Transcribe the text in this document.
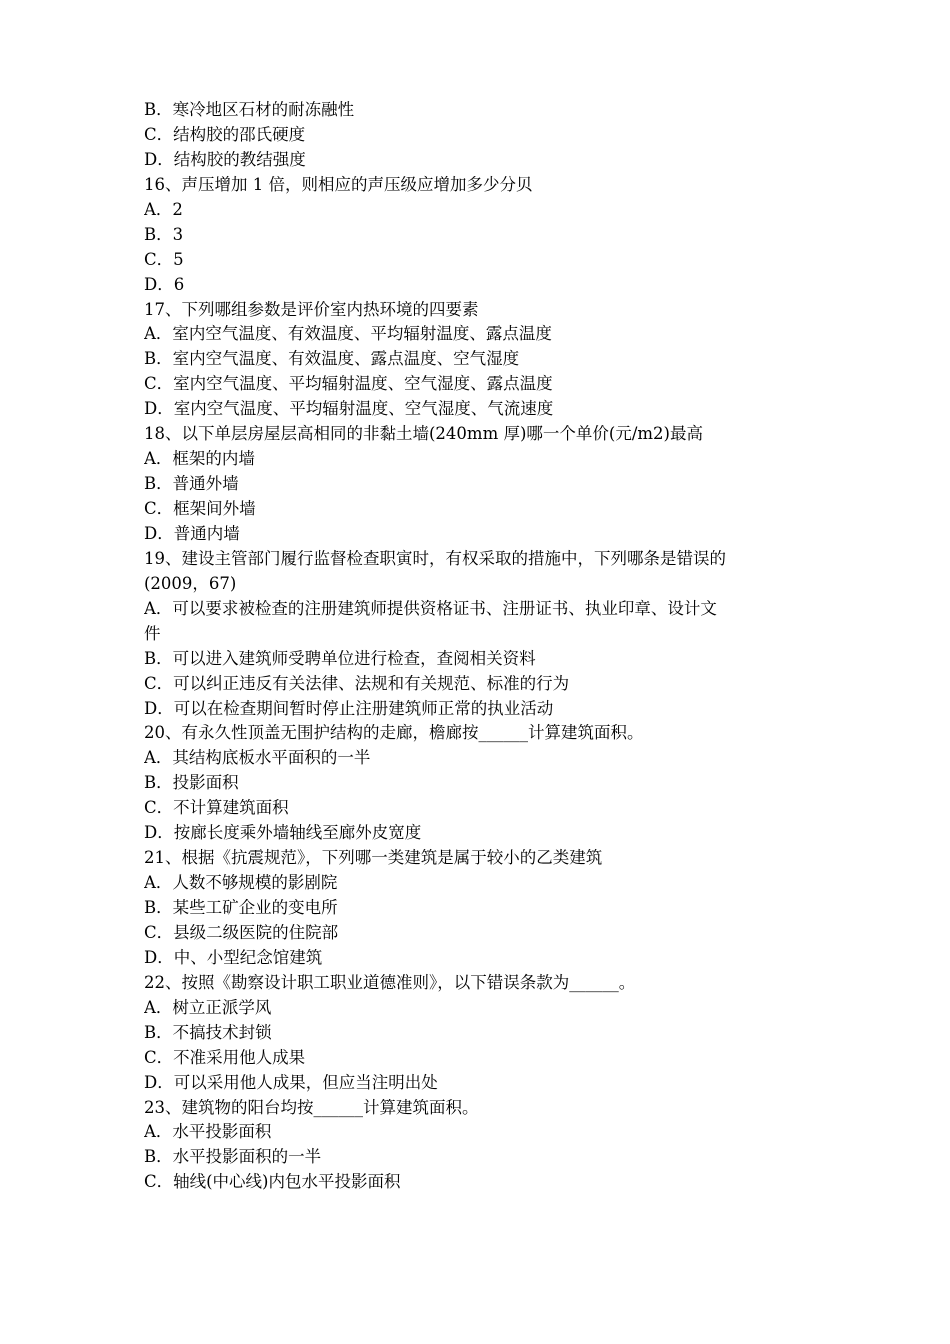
B．寒冷地区石材的耐冻融性
C．结构胶的邵氏硬度
D．结构胶的教结强度
16、声压增加 1 倍，则相应的声压级应增加多少分贝
A．2
B．3
C．5
D．6
17、下列哪组参数是评价室内热环境的四要素
A．室内空气温度、有效温度、平均辐射温度、露点温度
B．室内空气温度、有效温度、露点温度、空气湿度
C．室内空气温度、平均辐射温度、空气湿度、露点温度
D．室内空气温度、平均辐射温度、空气湿度、气流速度
18、以下单层房屋层高相同的非黏土墙(240mm 厚)哪一个单价(元/m2)最高
A．框架的内墙
B．普通外墙
C．框架间外墙
D．普通内墙
19、建设主管部门履行监督检查职寅时，有权采取的措施中，下列哪条是错误的
(2009，67)
A．可以要求被检查的注册建筑师提供资格证书、注册证书、执业印章、设计文
件
B．可以进入建筑师受聘单位进行检查，查阅相关资料
C．可以纠正违反有关法律、法规和有关规范、标准的行为
D．可以在检查期间暂时停止注册建筑师正常的执业活动
20、有永久性顶盖无围护结构的走廊，檐廊按______计算建筑面积。
A．其结构底板水平面积的一半
B．投影面积
C．不计算建筑面积
D．按廊长度乘外墙轴线至廊外皮宽度
21、根据《抗震规范》，下列哪一类建筑是属于较小的乙类建筑
A．人数不够规模的影剧院
B．某些工矿企业的变电所
C．县级二级医院的住院部
D．中、小型纪念馆建筑
22、按照《勘察设计职工职业道德准则》，以下错误条款为______。
A．树立正派学风
B．不搞技术封锁
C．不准采用他人成果
D．可以采用他人成果，但应当注明出处
23、建筑物的阳台均按______计算建筑面积。
A．水平投影面积
B．水平投影面积的一半
C．轴线(中心线)内包水平投影面积
